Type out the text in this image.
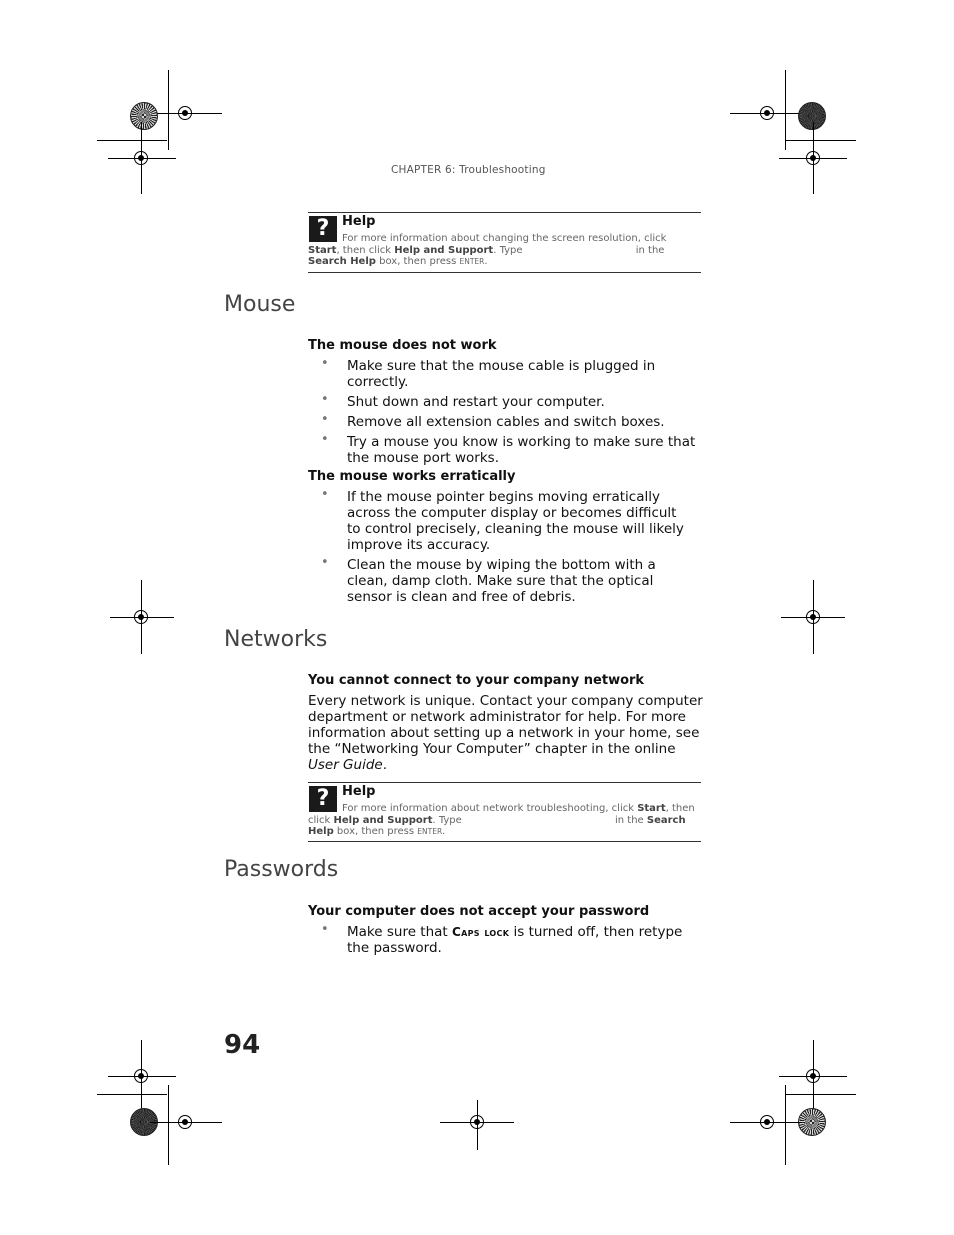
CHAPTER 6: Troubleshooting
? Help
For more information about changing the screen resolution, click Start, then click Help and Support. Type	in the Search Help box, then press ENTER.
Mouse
The mouse does not work
• Make sure that the mouse cable is plugged in correctly.
• Shut down and restart your computer.
• Remove all extension cables and switch boxes.
• Try a mouse you know is working to make sure that the mouse port works.
The mouse works erratically
• If the mouse pointer begins moving erratically across the computer display or becomes difficult to control precisely, cleaning the mouse will likely improve its accuracy.
• Clean the mouse by wiping the bottom with a clean, damp cloth. Make sure that the optical sensor is clean and free of debris.
Networks
You cannot connect to your company network
Every network is unique. Contact your company computer department or network administrator for help. For more information about setting up a network in your home, see the “Networking Your Computer” chapter in the online User Guide.
? Help
For more information about network troubleshooting, click Start, then click Help and Support. Type	in the Search Help box, then press ENTER.
Passwords
Your computer does not accept your password
• Make sure that Caps lock is turned off, then retype the password.
94
